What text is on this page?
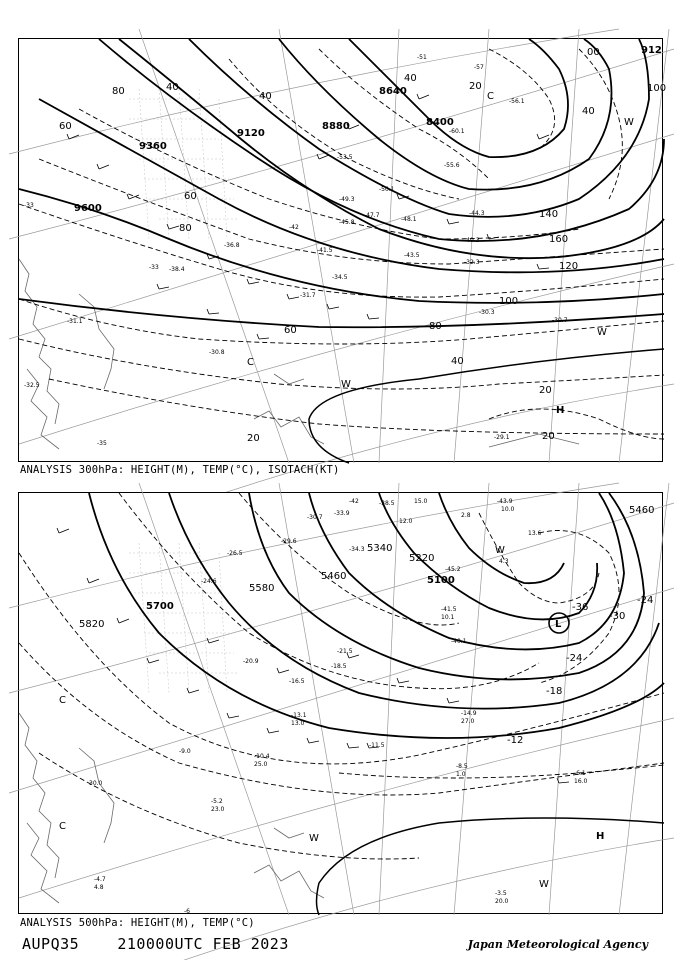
9600
9360
9120
8880
8640
8400
912
20
40
60	80
100
120
140
160
80	100
20
40
60
80
20
40
60
40
20
00
40
C
W
H
C
W
W
-33
-31.1
-31.7
-30.3
-30.7
-30.8
-29.1
-32.3
-33
-34.5
-38.4
-36.8
-42
-45.8	-48.1
-49.3
-50.1
-53.5
-55.6
-57
-51
-60.1
-56.1
-47.7
-43.5
-41.5
-40.3
-44.3
-32.5
-35
ANALYSIS 300hPa: HEIGHT(M), TEMP(°C), ISOTACH(KT)
5820
5700
5580
5460
5340
5220
5100
5460
-12
-18
-24
-30
-36
-24
C
C
W
W
H
L
W
-8.5
-6.1
-3.5
-6
-4.7
-5.2
-9.0
-10.4
-11.5
-13.1	-14.9
-16.5
-18.5
-20.9
-21.5
-24.6
-26.5
-29.6
-30.7
-33.9
-34.3
-38.5
-40.1
-41.5
-43.9
-45.2
-42
1.0
16.0
20.0
4.8
12.0
30.0
15.0
10.0
2.8
13.0
4.3
27.0
13.6
25.0
23.0
10.1
ANALYSIS 500hPa: HEIGHT(M), TEMP(°C)
AUPQ35	210000UTC FEB 2023	Japan Meteorological Agency
